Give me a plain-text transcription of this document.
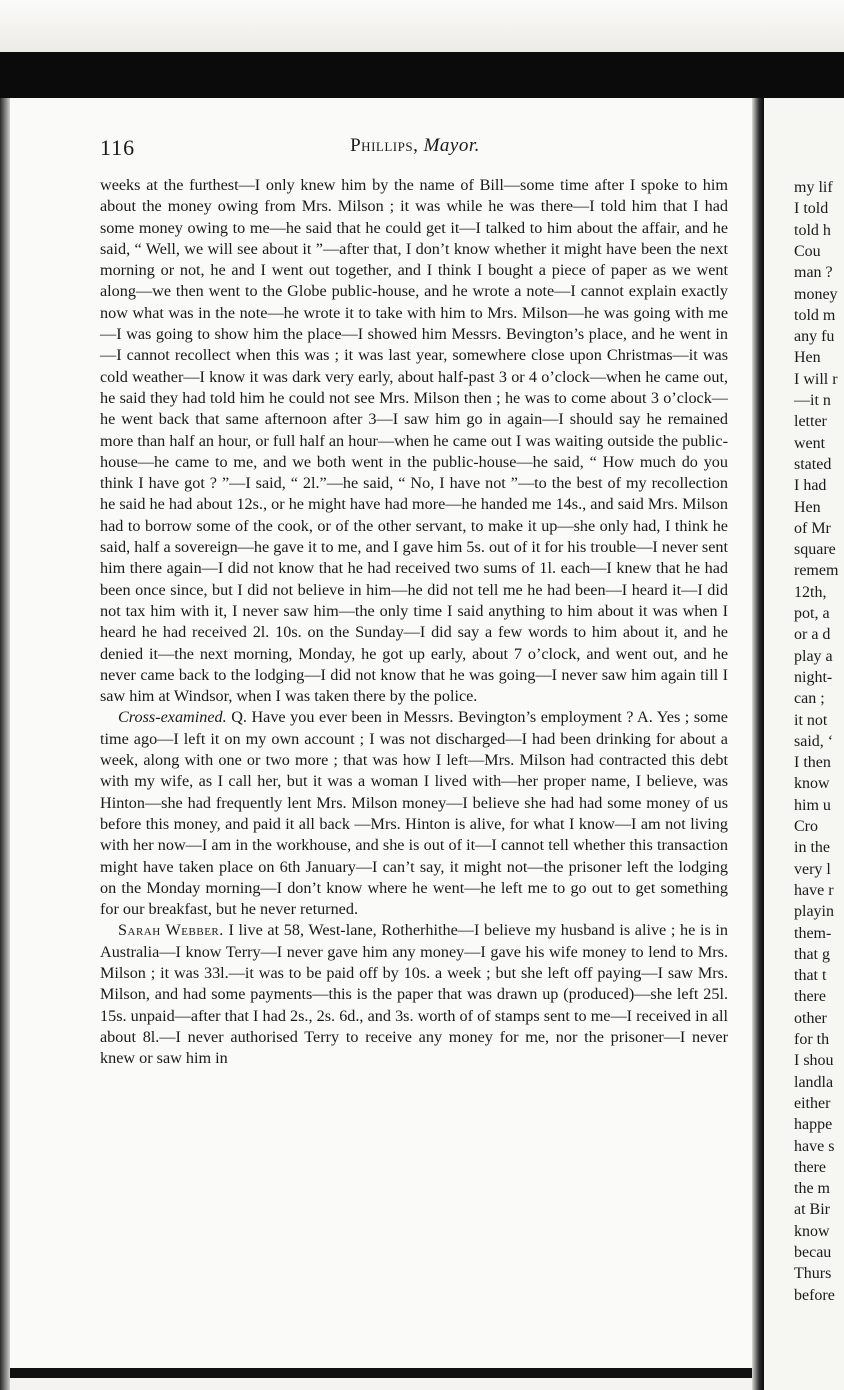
116	Phillips, Mayor.

weeks at the furthest—I only knew him by the name of Bill—some time after I spoke to him about the money owing from Mrs. Milson ; it was while he was there—I told him that I had some money owing to me—he said that he could get it—I talked to him about the affair, and he said, “ Well, we will see about it ”—after that, I don’t know whether it might have been the next morning or not, he and I went out together, and I think I bought a piece of paper as we went along—we then went to the Globe public-house, and he wrote a note—I cannot explain exactly now what was in the note—he wrote it to take with him to Mrs. Milson—he was going with me—I was going to show him the place—I showed him Messrs. Bevington’s place, and he went in—I cannot recollect when this was ; it was last year, somewhere close upon Christmas—it was cold weather—I know it was dark very early, about half-past 3 or 4 o’clock—when he came out, he said they had told him he could not see Mrs. Milson then ; he was to come about 3 o’clock—he went back that same afternoon after 3—I saw him go in again—I should say he remained more than half an hour, or full half an hour—when he came out I was waiting outside the public-house—he came to me, and we both went in the public-house—he said, “ How much do you think I have got ? ”—I said, “ 2l.”—he said, “ No, I have not ”—to the best of my recollection he said he had about 12s., or he might have had more—he handed me 14s., and said Mrs. Milson had to borrow some of the cook, or of the other servant, to make it up—she only had, I think he said, half a sovereign—he gave it to me, and I gave him 5s. out of it for his trouble—I never sent him there again—I did not know that he had received two sums of 1l. each—I knew that he had been once since, but I did not believe in him—he did not tell me he had been—I heard it—I did not tax him with it, I never saw him—the only time I said anything to him about it was when I heard he had received 2l. 10s. on the Sunday—I did say a few words to him about it, and he denied it—the next morning, Monday, he got up early, about 7 o’clock, and went out, and he never came back to the lodging—I did not know that he was going—I never saw him again till I saw him at Windsor, when I was taken there by the police.

Cross-examined. Q. Have you ever been in Messrs. Bevington’s employment ? A. Yes ; some time ago—I left it on my own account ; I was not discharged—I had been drinking for about a week, along with one or two more ; that was how I left—Mrs. Milson had contracted this debt with my wife, as I call her, but it was a woman I lived with—her proper name, I believe, was Hinton—she had frequently lent Mrs. Milson money—I believe she had had some money of us before this money, and paid it all back —Mrs. Hinton is alive, for what I know—I am not living with her now—I am in the workhouse, and she is out of it—I cannot tell whether this transaction might have taken place on 6th January—I can’t say, it might not—the prisoner left the lodging on the Monday morning—I don’t know where he went—he left me to go out to get something for our breakfast, but he never returned.

Sarah Webber. I live at 58, West-lane, Rotherhithe—I believe my husband is alive ; he is in Australia—I know Terry—I never gave him any money—I gave his wife money to lend to Mrs. Milson ; it was 33l.—it was to be paid off by 10s. a week ; but she left off paying—I saw Mrs. Milson, and had some payments—this is the paper that was drawn up (produced)—she left 25l. 15s. unpaid—after that I had 2s., 2s. 6d., and 3s. worth of of stamps sent to me—I received in all about 8l.—I never authorised Terry to receive any money for me, nor the prisoner—I never knew or saw him in

my lif
I told
told h
Cou
man ?
money
told m
any fu
Hen
I will r
—it n
letter
went
stated
I had
Hen
of Mr
square
remem
12th,
pot, a
or a d
play a
night-
can ;
it not
said, ‘
I then
know
him u
Cro
in the
very l
have r
playin
them-
that g
that t
there
other
for th
I shou
landla
either
happe
have s
there
the m
at Bir
know
becau
Thurs
before
